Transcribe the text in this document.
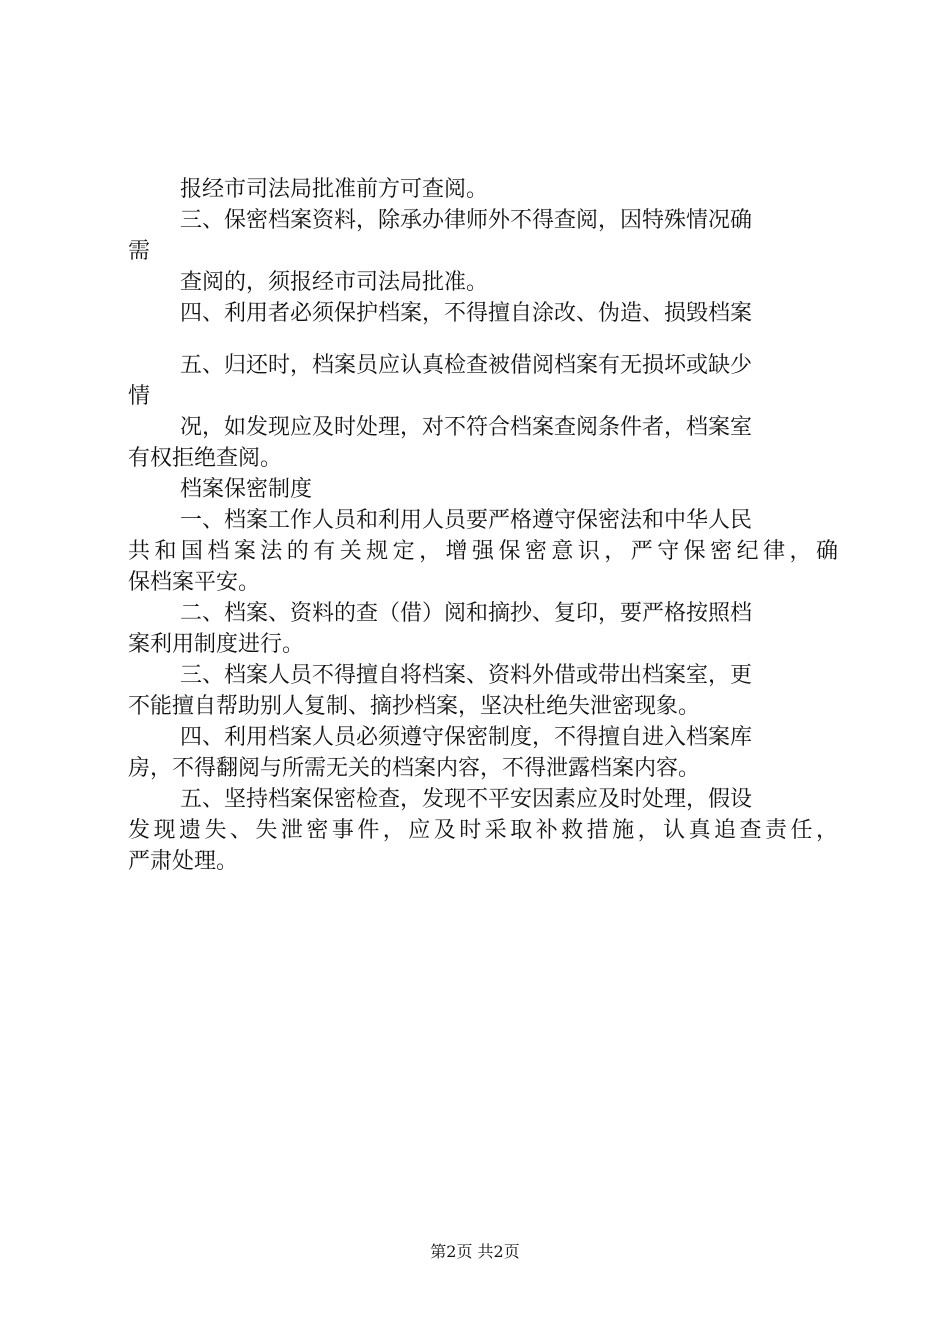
报经市司法局批准前方可查阅。
三、保密档案资料，除承办律师外不得查阅，因特殊情况确
需
查阅的，须报经市司法局批准。
四、利用者必须保护档案，不得擅自涂改、伪造、损毁档案
五、归还时，档案员应认真检查被借阅档案有无损坏或缺少
情
况，如发现应及时处理，对不符合档案查阅条件者，档案室
有权拒绝查阅。
档案保密制度
一、档案工作人员和利用人员要严格遵守保密法和中华人民
共和国档案法的有关规定，增强保密意识，严守保密纪律，确
保档案平安。
二、档案、资料的查（借）阅和摘抄、复印，要严格按照档
案利用制度进行。
三、档案人员不得擅自将档案、资料外借或带出档案室，更
不能擅自帮助别人复制、摘抄档案，坚决杜绝失泄密现象。
四、利用档案人员必须遵守保密制度，不得擅自进入档案库
房，不得翻阅与所需无关的档案内容，不得泄露档案内容。
五、坚持档案保密检查，发现不平安因素应及时处理，假设
发现遗失、失泄密事件，应及时采取补救措施，认真追查责任，
严肃处理。
第2页 共2页
